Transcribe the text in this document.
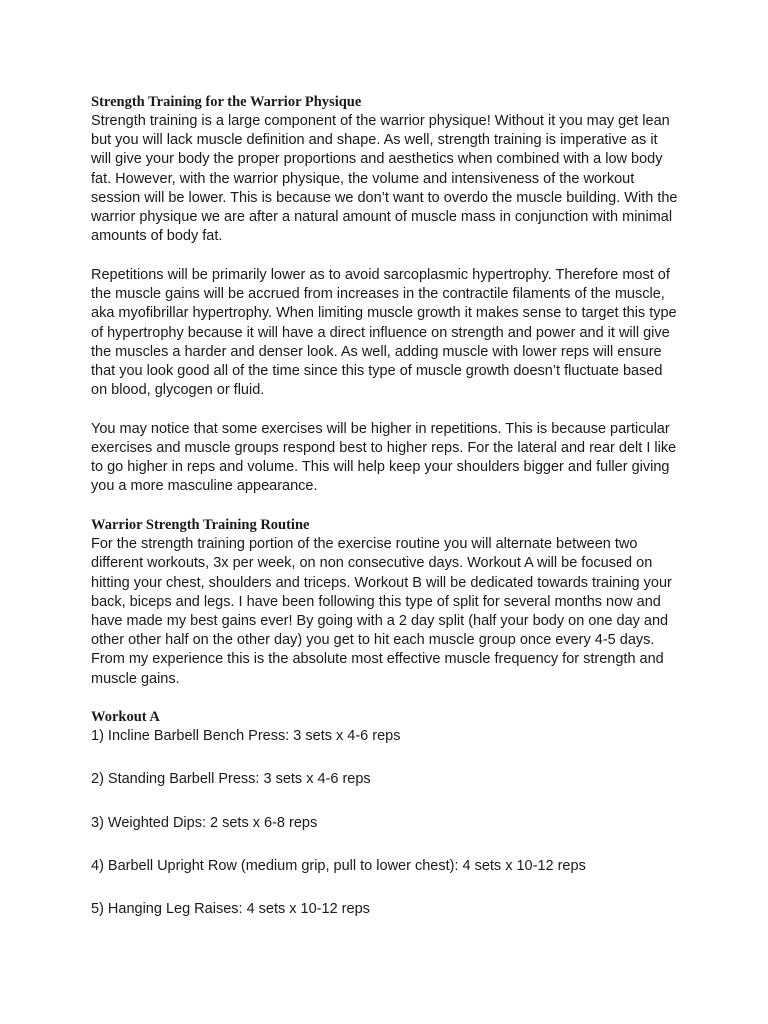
Strength Training for the Warrior Physique

Strength training is a large component of the warrior physique! Without it you may get lean
but you will lack muscle definition and shape. As well, strength training is imperative as it
will give your body the proper proportions and aesthetics when combined with a low body
fat. However, with the warrior physique, the volume and intensiveness of the workout
session will be lower. This is because we don’t want to overdo the muscle building. With the
warrior physique we are after a natural amount of muscle mass in conjunction with minimal
amounts of body fat.

Repetitions will be primarily lower as to avoid sarcoplasmic hypertrophy. Therefore most of
the muscle gains will be accrued from increases in the contractile filaments of the muscle,
aka myofibrillar hypertrophy. When limiting muscle growth it makes sense to target this type
of hypertrophy because it will have a direct influence on strength and power and it will give
the muscles a harder and denser look. As well, adding muscle with lower reps will ensure
that you look good all of the time since this type of muscle growth doesn’t fluctuate based
on blood, glycogen or fluid.

You may notice that some exercises will be higher in repetitions. This is because particular
exercises and muscle groups respond best to higher reps. For the lateral and rear delt I like
to go higher in reps and volume. This will help keep your shoulders bigger and fuller giving
you a more masculine appearance.

Warrior Strength Training Routine

For the strength training portion of the exercise routine you will alternate between two
different workouts, 3x per week, on non consecutive days. Workout A will be focused on
hitting your chest, shoulders and triceps. Workout B will be dedicated towards training your
back, biceps and legs. I have been following this type of split for several months now and
have made my best gains ever! By going with a 2 day split (half your body on one day and
other other half on the other day) you get to hit each muscle group once every 4-5 days.
From my experience this is the absolute most effective muscle frequency for strength and
muscle gains.

Workout A

1) Incline Barbell Bench Press: 3 sets x 4-6 reps

2) Standing Barbell Press: 3 sets x 4-6 reps

3) Weighted Dips: 2 sets x 6-8 reps

4) Barbell Upright Row (medium grip, pull to lower chest): 4 sets x 10-12 reps

5) Hanging Leg Raises: 4 sets x 10-12 reps
